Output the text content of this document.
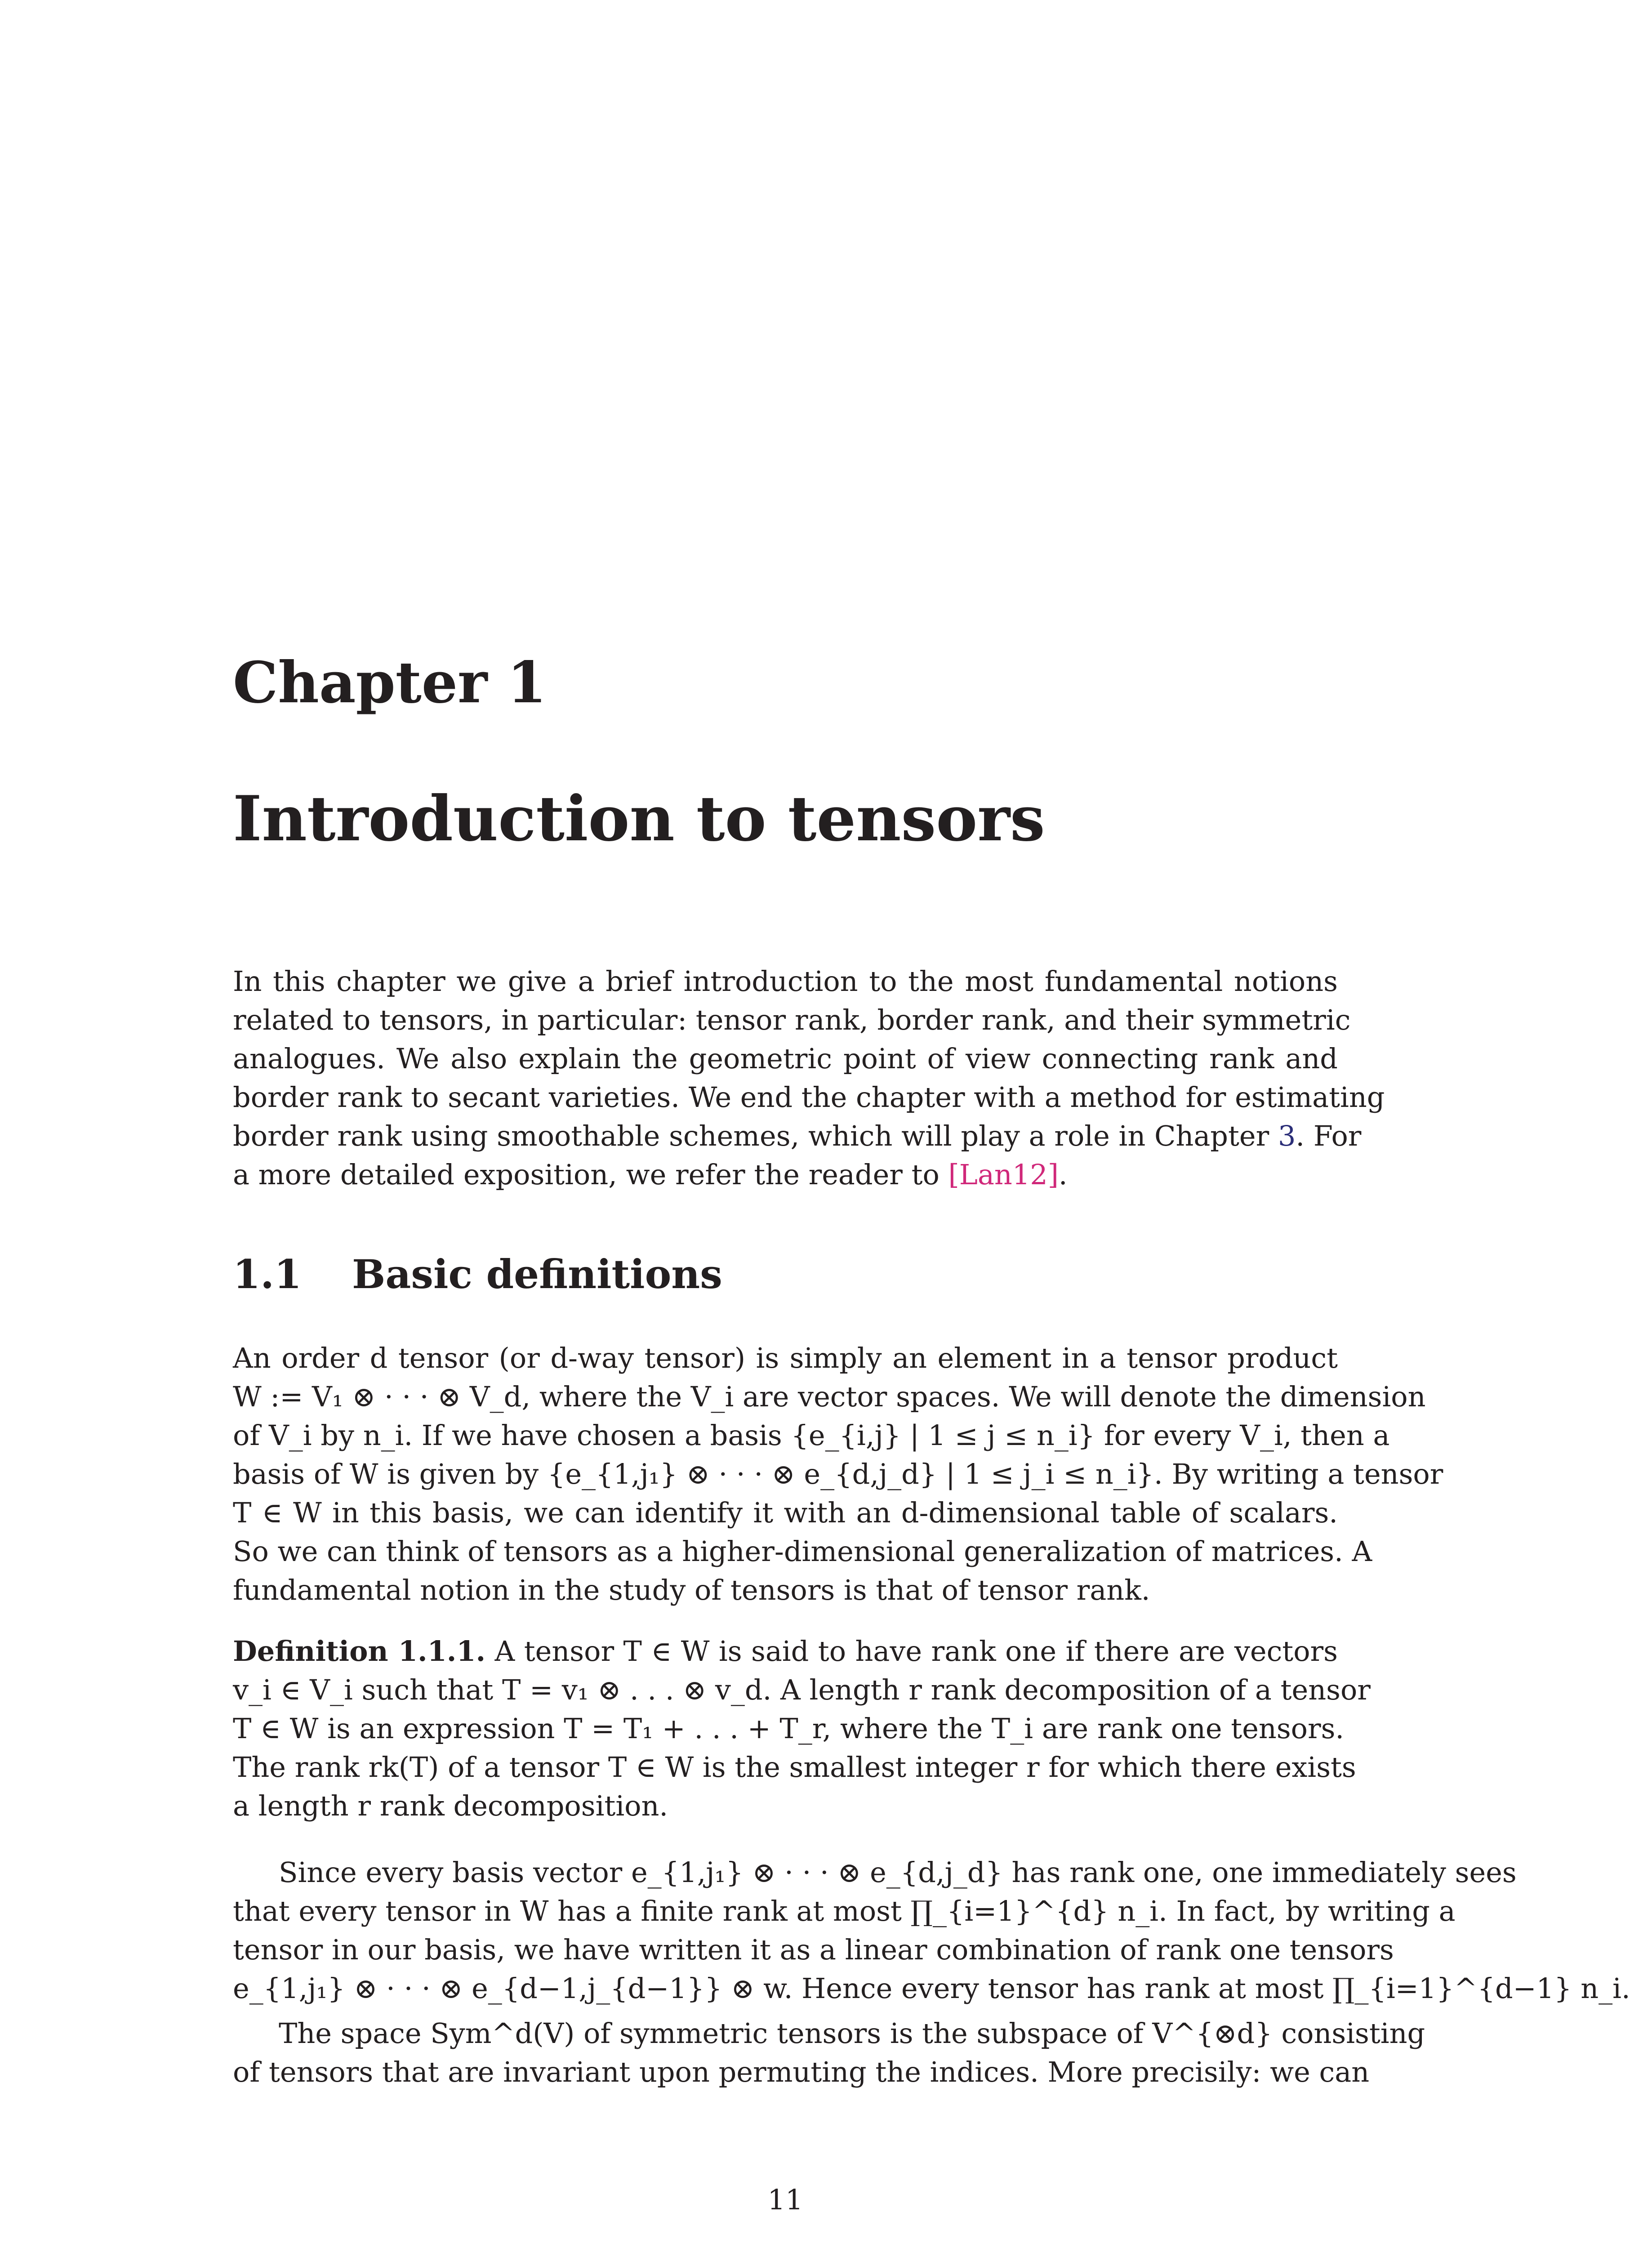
Chapter 1
Introduction to tensors
In this chapter we give a brief introduction to the most fundamental notions
related to tensors, in particular: tensor rank, border rank, and their symmetric
analogues. We also explain the geometric point of view connecting rank and
border rank to secant varieties. We end the chapter with a method for estimating
border rank using smoothable schemes, which will play a role in Chapter 3. For
a more detailed exposition, we refer the reader to [Lan12].
1.1 Basic definitions
An order d tensor (or d-way tensor) is simply an element in a tensor product
W := V₁ ⊗ · · · ⊗ V_d, where the V_i are vector spaces. We will denote the dimension
of V_i by n_i. If we have chosen a basis {e_{i,j} | 1 ≤ j ≤ n_i} for every V_i, then a
basis of W is given by {e_{1,j₁} ⊗ · · · ⊗ e_{d,j_d} | 1 ≤ j_i ≤ n_i}. By writing a tensor
T ∈ W in this basis, we can identify it with an d-dimensional table of scalars.
So we can think of tensors as a higher-dimensional generalization of matrices. A
fundamental notion in the study of tensors is that of tensor rank.
Definition 1.1.1. A tensor T ∈ W is said to have rank one if there are vectors
v_i ∈ V_i such that T = v₁ ⊗ . . . ⊗ v_d. A length r rank decomposition of a tensor
T ∈ W is an expression T = T₁ + . . . + T_r, where the T_i are rank one tensors.
The rank rk(T) of a tensor T ∈ W is the smallest integer r for which there exists
a length r rank decomposition.
Since every basis vector e_{1,j₁} ⊗ · · · ⊗ e_{d,j_d} has rank one, one immediately sees
that every tensor in W has a finite rank at most ∏_{i=1}^{d} n_i. In fact, by writing a
tensor in our basis, we have written it as a linear combination of rank one tensors
e_{1,j₁} ⊗ · · · ⊗ e_{d−1,j_{d−1}} ⊗ w. Hence every tensor has rank at most ∏_{i=1}^{d−1} n_i.
The space Sym^d(V) of symmetric tensors is the subspace of V^{⊗d} consisting
of tensors that are invariant upon permuting the indices. More precisily: we can
11
